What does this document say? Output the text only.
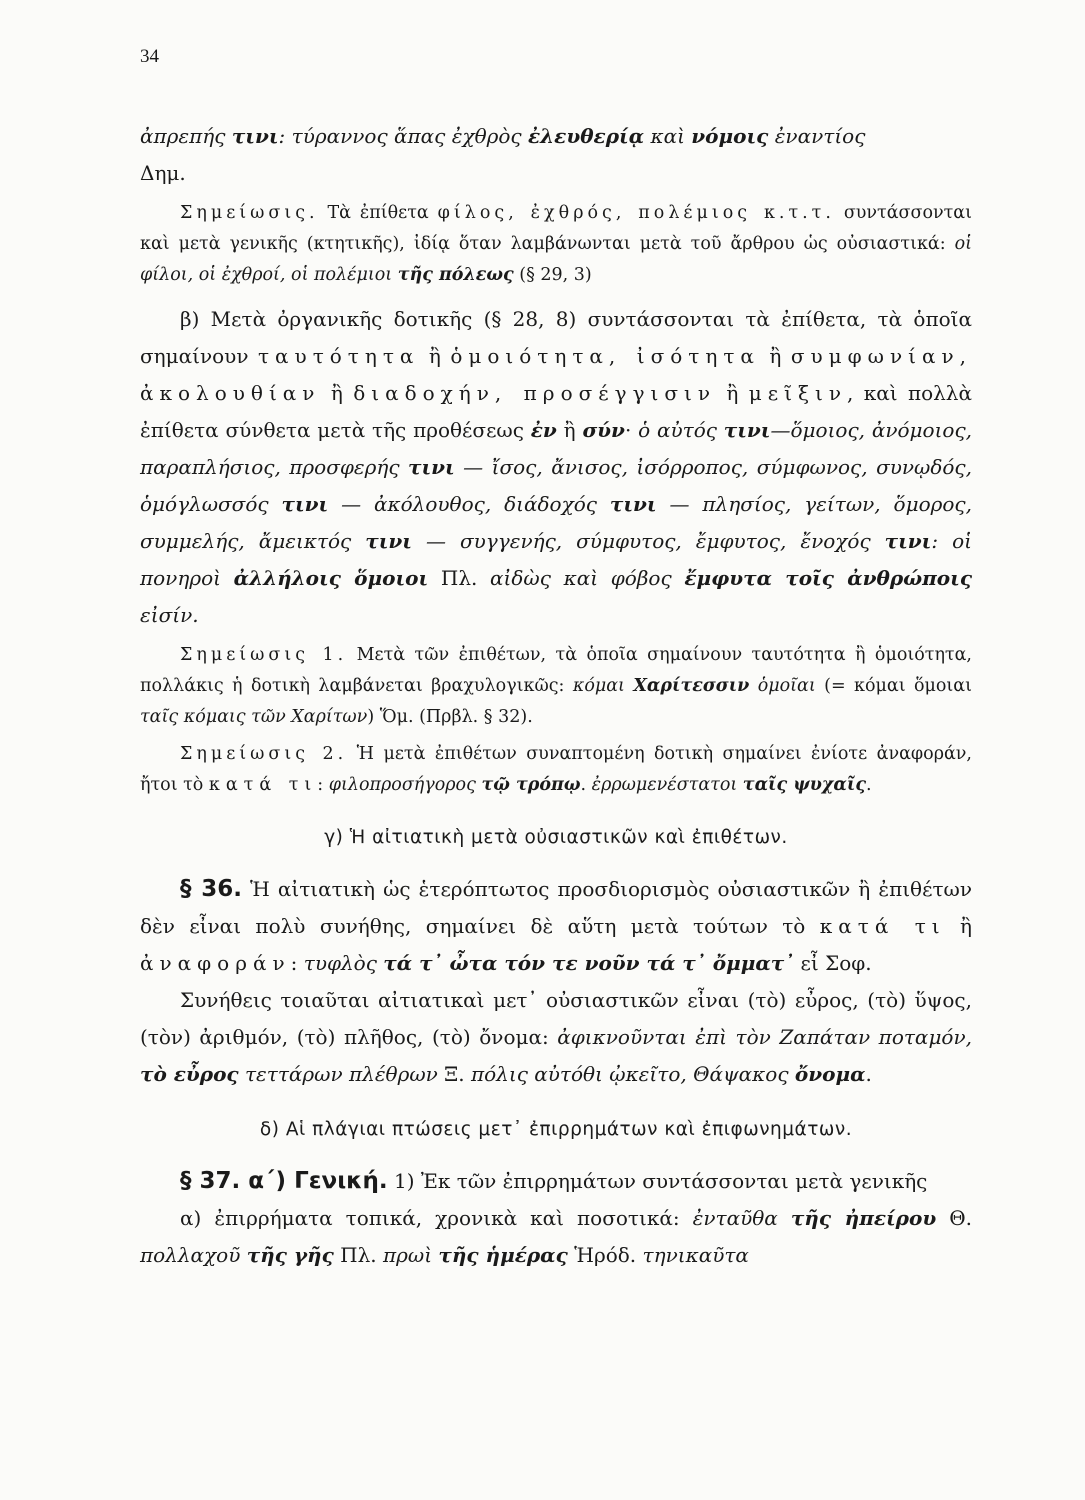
34

ἀπρεπής τινι: τύραννος ἅπας ἐχθρὸς ἐλευθερίᾳ καὶ νόμοις ἐναντίος
Δημ.

Σημείωσις. Τὰ ἐπίθετα φίλος, ἐχθρός, πολέμιος κ.τ.τ. συντάσσονται καὶ μετὰ γενικῆς (κτητικῆς), ἰδίᾳ ὅταν λαμβάνωνται μετὰ τοῦ ἄρθρου ὡς οὐσιαστικά: οἱ φίλοι, οἱ ἐχθροί, οἱ πολέμιοι τῆς πόλεως (§ 29, 3)

β) Μετὰ ὀργανικῆς δοτικῆς (§ 28, 8) συντάσσονται τὰ ἐπίθετα, τὰ ὁποῖα σημαίνουν ταυτότητα ἢ ὁμοιότητα, ἰσότητα ἢ συμφωνίαν, ἀκολουθίαν ἢ διαδοχήν, προσέγγισιν ἢ μεῖξιν, καὶ πολλὰ ἐπίθετα σύνθετα μετὰ τῆς προθέσεως ἐν ἢ σύν· ὁ αὐτός τινι—ὅμοιος, ἀνόμοιος, παραπλήσιος, προσφερής τινι — ἴσος, ἄνισος, ἰσόρροπος, σύμφωνος, συνῳδός, ὁμόγλωσσός τινι — ἀκόλουθος, διάδοχός τινι — πλησίος, γείτων, ὅμορος, συμμελής, ἄμεικτός τινι — συγγενής, σύμφυτος, ἔμφυτος, ἔνοχός τινι: οἱ πονηροὶ ἀλλήλοις ὅμοιοι Πλ. αἰδὼς καὶ φόβος ἔμφυτα τοῖς ἀνθρώποις εἰσίν.

Σημείωσις 1. Μετὰ τῶν ἐπιθέτων, τὰ ὁποῖα σημαίνουν ταυτότητα ἢ ὁμοιότητα, πολλάκις ἡ δοτικὴ λαμβάνεται βραχυλογικῶς: κόμαι Χαρίτεσσιν ὁμοῖαι (= κόμαι ὅμοιαι ταῖς κόμαις τῶν Χαρίτων) Ὅμ. (Πρβλ. § 32).

Σημείωσις 2. Ἡ μετὰ ἐπιθέτων συναπτομένη δοτικὴ σημαίνει ἐνίοτε ἀναφοράν, ἤτοι τὸ κατά τι: φιλοπροσήγορος τῷ τρόπῳ. ἐρρωμενέστατοι ταῖς ψυχαῖς.

γ) Ἡ αἰτιατικὴ μετὰ οὐσιαστικῶν καὶ ἐπιθέτων.

§ 36. Ἡ αἰτιατικὴ ὡς ἑτερόπτωτος προσδιορισμὸς οὐσιαστικῶν ἢ ἐπιθέτων δὲν εἶναι πολὺ συνήθης, σημαίνει δὲ αὕτη μετὰ τούτων τὸ κατά τι ἢ ἀναφοράν: τυφλὸς τά τ᾽ ὦτα τόν τε νοῦν τά τ᾽ ὄμματ᾽ εἶ Σοφ.

Συνήθεις τοιαῦται αἰτιατικαὶ μετ᾽ οὐσιαστικῶν εἶναι (τὸ) εὖρος, (τὸ) ὕψος, (τὸν) ἀριθμόν, (τὸ) πλῆθος, (τὸ) ὄνομα: ἀφικνοῦνται ἐπὶ τὸν Ζαπάταν ποταμόν, τὸ εὖρος τεττάρων πλέθρων Ξ. πόλις αὐτόθι ᾠκεῖτο, Θάψακος ὄνομα.

δ) Αἱ πλάγιαι πτώσεις μετ᾽ ἐπιρρημάτων καὶ ἐπιφωνημάτων.

§ 37. α´) Γενική. 1) Ἐκ τῶν ἐπιρρημάτων συντάσσονται μετὰ γενικῆς

α) ἐπιρρήματα τοπικά, χρονικὰ καὶ ποσοτικά: ἐνταῦθα τῆς ἠπείρου Θ. πολλαχοῦ τῆς γῆς Πλ. πρωὶ τῆς ἡμέρας Ἡρόδ. τηνικαῦτα
